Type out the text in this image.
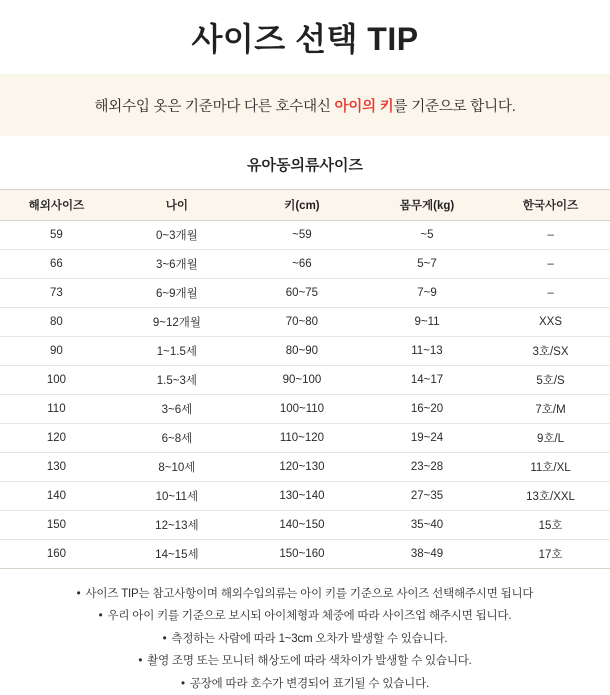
사이즈 선택 TIP
해외수입 옷은 기준마다 다른 호수대신 아이의 키를 기준으로 합니다.
유아동의류사이즈
해외사이즈	나이	키(cm)	몸무게(kg)	한국사이즈
59	0~3개월	~59	~5	–
66	3~6개월	~66	5~7	–
73	6~9개월	60~75	7~9	–
80	9~12개월	70~80	9~11	XXS
90	1~1.5세	80~90	11~13	3호/SX
100	1.5~3세	90~100	14~17	5호/S
110	3~6세	100~110	16~20	7호/M
120	6~8세	110~120	19~24	9호/L
130	8~10세	120~130	23~28	11호/XL
140	10~11세	130~140	27~35	13호/XXL
150	12~13세	140~150	35~40	15호
160	14~15세	150~160	38~49	17호
• 사이즈 TIP는 참고사항이며 해외수입의류는 아이 키를 기준으로 사이즈 선택해주시면 됩니다
• 우리 아이 키를 기준으로 보시되 아이체형과 체중에 따라 사이즈업 해주시면 됩니다.
• 측정하는 사람에 따라 1~3cm 오차가 발생할 수 있습니다.
• 촬영 조명 또는 모니터 해상도에 따라 색차이가 발생할 수 있습니다.
• 공장에 따라 호수가 변경되어 표기될 수 있습니다.
